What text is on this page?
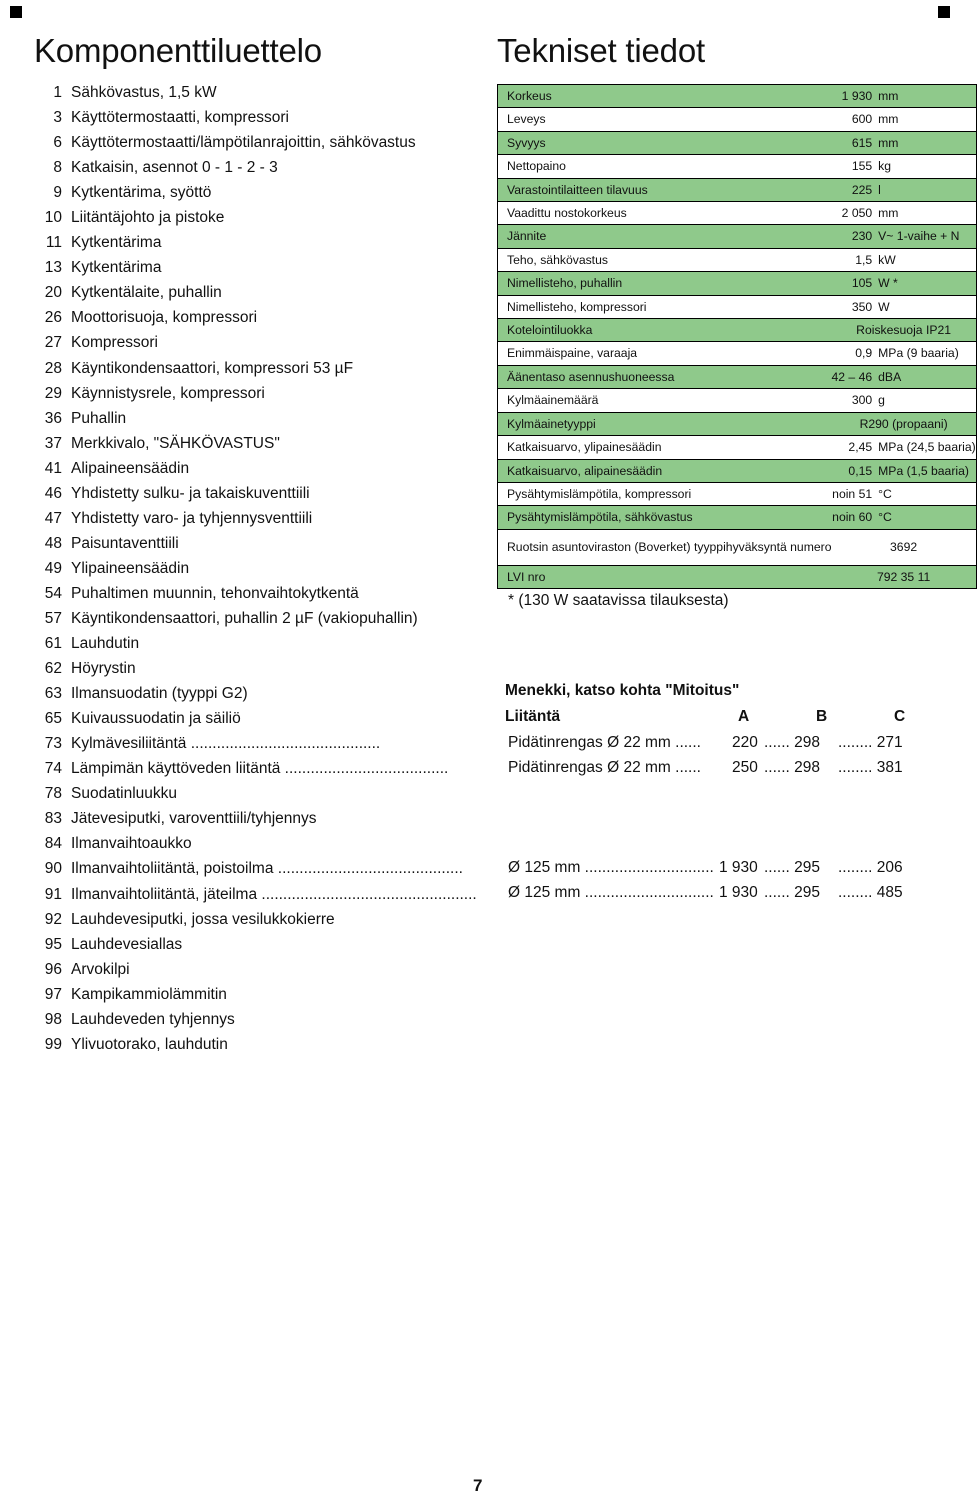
Komponenttiluettelo	Tekniset tiedot
1 Sähkövastus, 1,5 kW
3 Käyttötermostaatti, kompressori
6 Käyttötermostaatti/lämpötilanrajoittin, sähkövastus
8 Katkaisin, asennot 0 - 1 - 2 - 3
9 Kytkentärima, syöttö
10 Liitäntäjohto ja pistoke
11 Kytkentärima
13 Kytkentärima
20 Kytkentälaite, puhallin
26 Moottorisuoja, kompressori
27 Kompressori
28 Käyntikondensaattori, kompressori 53 µF
29 Käynnistysrele, kompressori
36 Puhallin
37 Merkkivalo, "SÄHKÖVASTUS"
41 Alipaineensäädin
46 Yhdistetty sulku- ja takaiskuventtiili
47 Yhdistetty varo- ja tyhjennysventtiili
48 Paisuntaventtiili
49 Ylipaineensäädin
54 Puhaltimen muunnin, tehonvaihtokytkentä
57 Käyntikondensaattori, puhallin 2 µF (vakiopuhallin)
61 Lauhdutin
62 Höyrystin
63 Ilmansuodatin (tyyppi G2)
65 Kuivaussuodatin ja säiliö
73 Kylmävesiliitäntä ............................................
74 Lämpimän käyttöveden liitäntä ......................................
78 Suodatinluukku
83 Jätevesiputki, varoventtiili/tyhjennys
84 Ilmanvaihtoaukko
90 Ilmanvaihtoliitäntä, poistoilma ...........................................
91 Ilmanvaihtoliitäntä, jäteilma ..................................................
92 Lauhdevesiputki, jossa vesilukkokierre
95 Lauhdevesiallas
96 Arvokilpi
97 Kampikammiolämmitin
98 Lauhdeveden tyhjennys
99 Ylivuotorako, lauhdutin
Korkeus	1 930	mm
Leveys	600	mm
Syvyys	615	mm
Nettopaino	155	kg
Varastointilaitteen tilavuus	225	l
Vaadittu nostokorkeus	2 050	mm
Jännite	230	V~ 1-vaihe + N
Teho, sähkövastus	1,5	kW
Nimellisteho, puhallin	105	W *
Nimellisteho, kompressori	350	W
Kotelointiluokka	Roiskesuoja IP21	
Enimmäispaine, varaaja	0,9	MPa (9 baaria)
Äänentaso asennushuoneessa	42 – 46	dBA
Kylmäainemäärä	300	g
Kylmäainetyyppi	R290 (propaani)	
Katkaisuarvo, ylipainesäädin	2,45	MPa (24,5 baaria)
Katkaisuarvo, alipainesäädin	0,15	MPa (1,5 baaria)
Pysähtymislämpötila, kompressori	noin 51	°C
Pysähtymislämpötila, sähkövastus	noin 60	°C
Ruotsin asuntoviraston (Boverket) tyyppihyväksyntä numero	3692	
LVI nro	792 35 11	
* (130 W saatavissa tilauksesta)
Menekki, katso kohta "Mitoitus"
Liitäntä	A	B	C
Pidätinrengas Ø 22 mm ...... 220 ...... 298 ........ 271
Pidätinrengas Ø 22 mm ...... 250 ...... 298 ........ 381
Ø 125 mm .............................. 1 930 ...... 295 ........ 206
Ø 125 mm .............................. 1 930 ...... 295 ........ 485
7
